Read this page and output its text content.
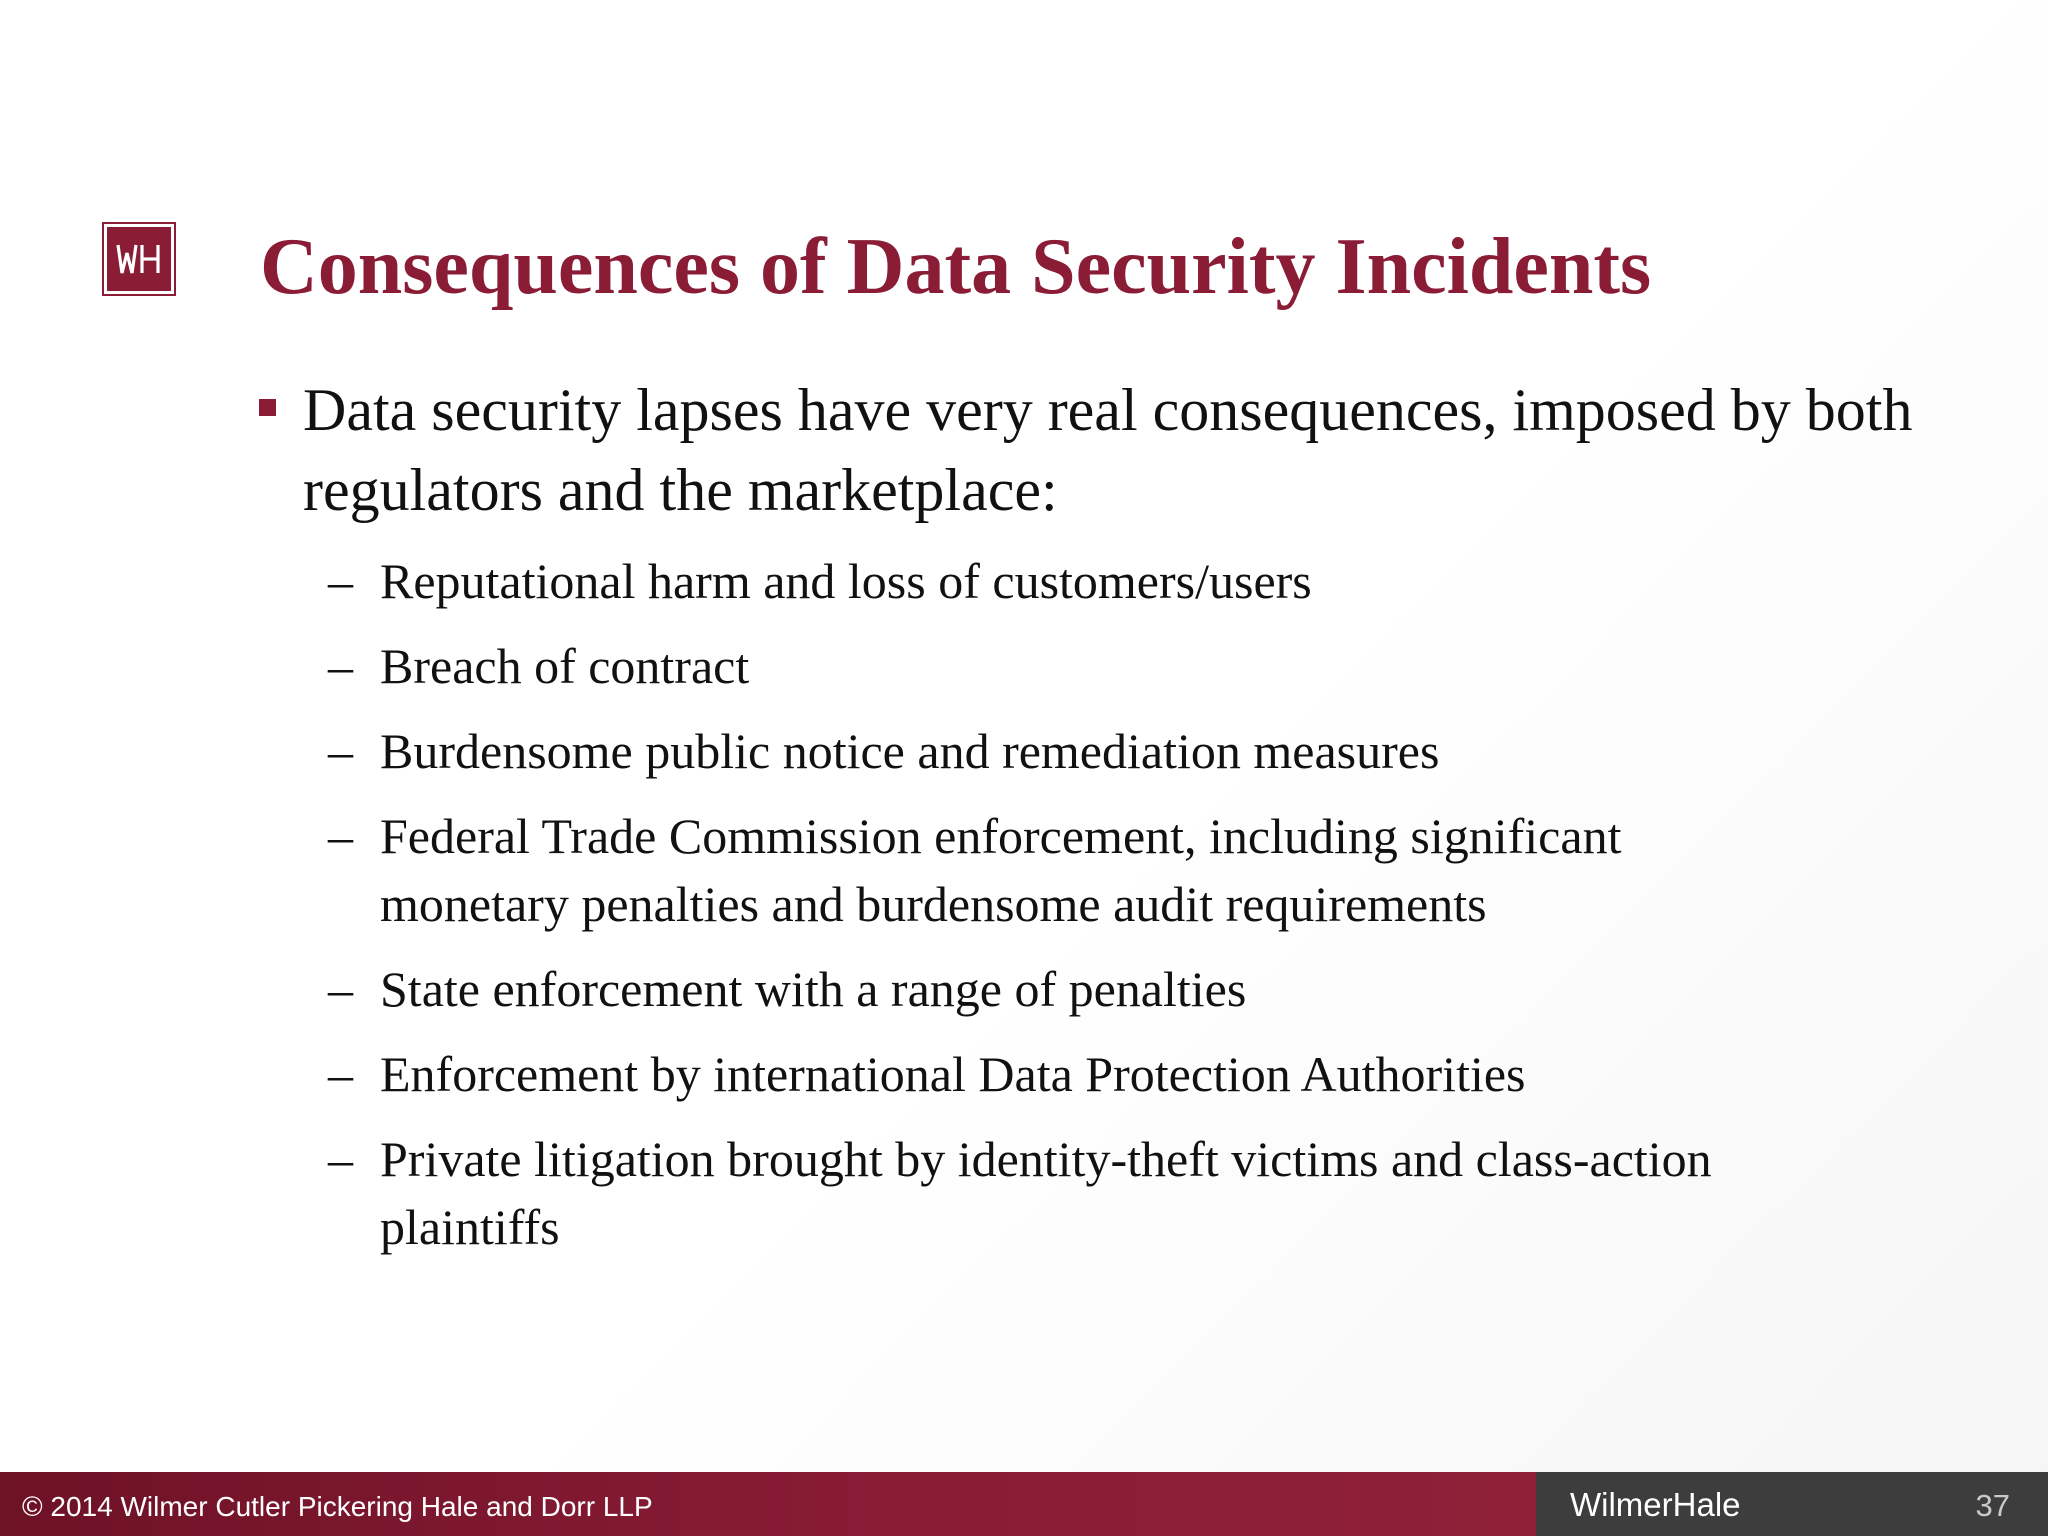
Consequences of Data Security Incidents
Data security lapses have very real consequences, imposed by both regulators and the marketplace:
– Reputational harm and loss of customers/users
– Breach of contract
– Burdensome public notice and remediation measures
– Federal Trade Commission enforcement, including significant monetary penalties and burdensome audit requirements
– State enforcement with a range of penalties
– Enforcement by international Data Protection Authorities
– Private litigation brought by identity-theft victims and class-action plaintiffs
© 2014 Wilmer Cutler Pickering Hale and Dorr LLP	WilmerHale	37
